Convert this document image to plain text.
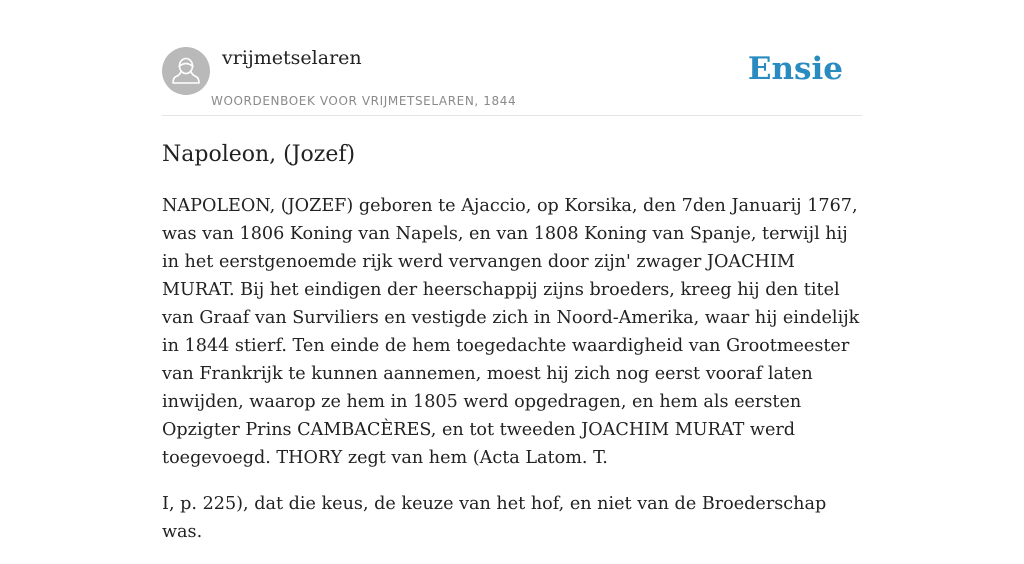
vrijmetselaren
WOORDENBOEK VOOR VRIJMETSELAREN, 1844
Ensie
Napoleon, (Jozef)

NAPOLEON, (JOZEF) geboren te Ajaccio, op Korsika, den 7den Januarij 1767, was van 1806 Koning van Napels, en van 1808 Koning van Spanje, terwijl hij in het eerstgenoemde rijk werd vervangen door zijn' zwager JOACHIM MURAT. Bij het eindigen der heerschappij zijns broeders, kreeg hij den titel van Graaf van Surviliers en vestigde zich in Noord-Amerika, waar hij eindelijk in 1844 stierf. Ten einde de hem toegedachte waardigheid van Grootmeester van Frankrijk te kunnen aannemen, moest hij zich nog eerst vooraf laten inwijden, waarop ze hem in 1805 werd opgedragen, en hem als eersten Opzigter Prins CAMBACÈRES, en tot tweeden JOACHIM MURAT werd toegevoegd. THORY zegt van hem (Acta Latom. T.

I, p. 225), dat die keus, de keuze van het hof, en niet van de Broederschap was.
